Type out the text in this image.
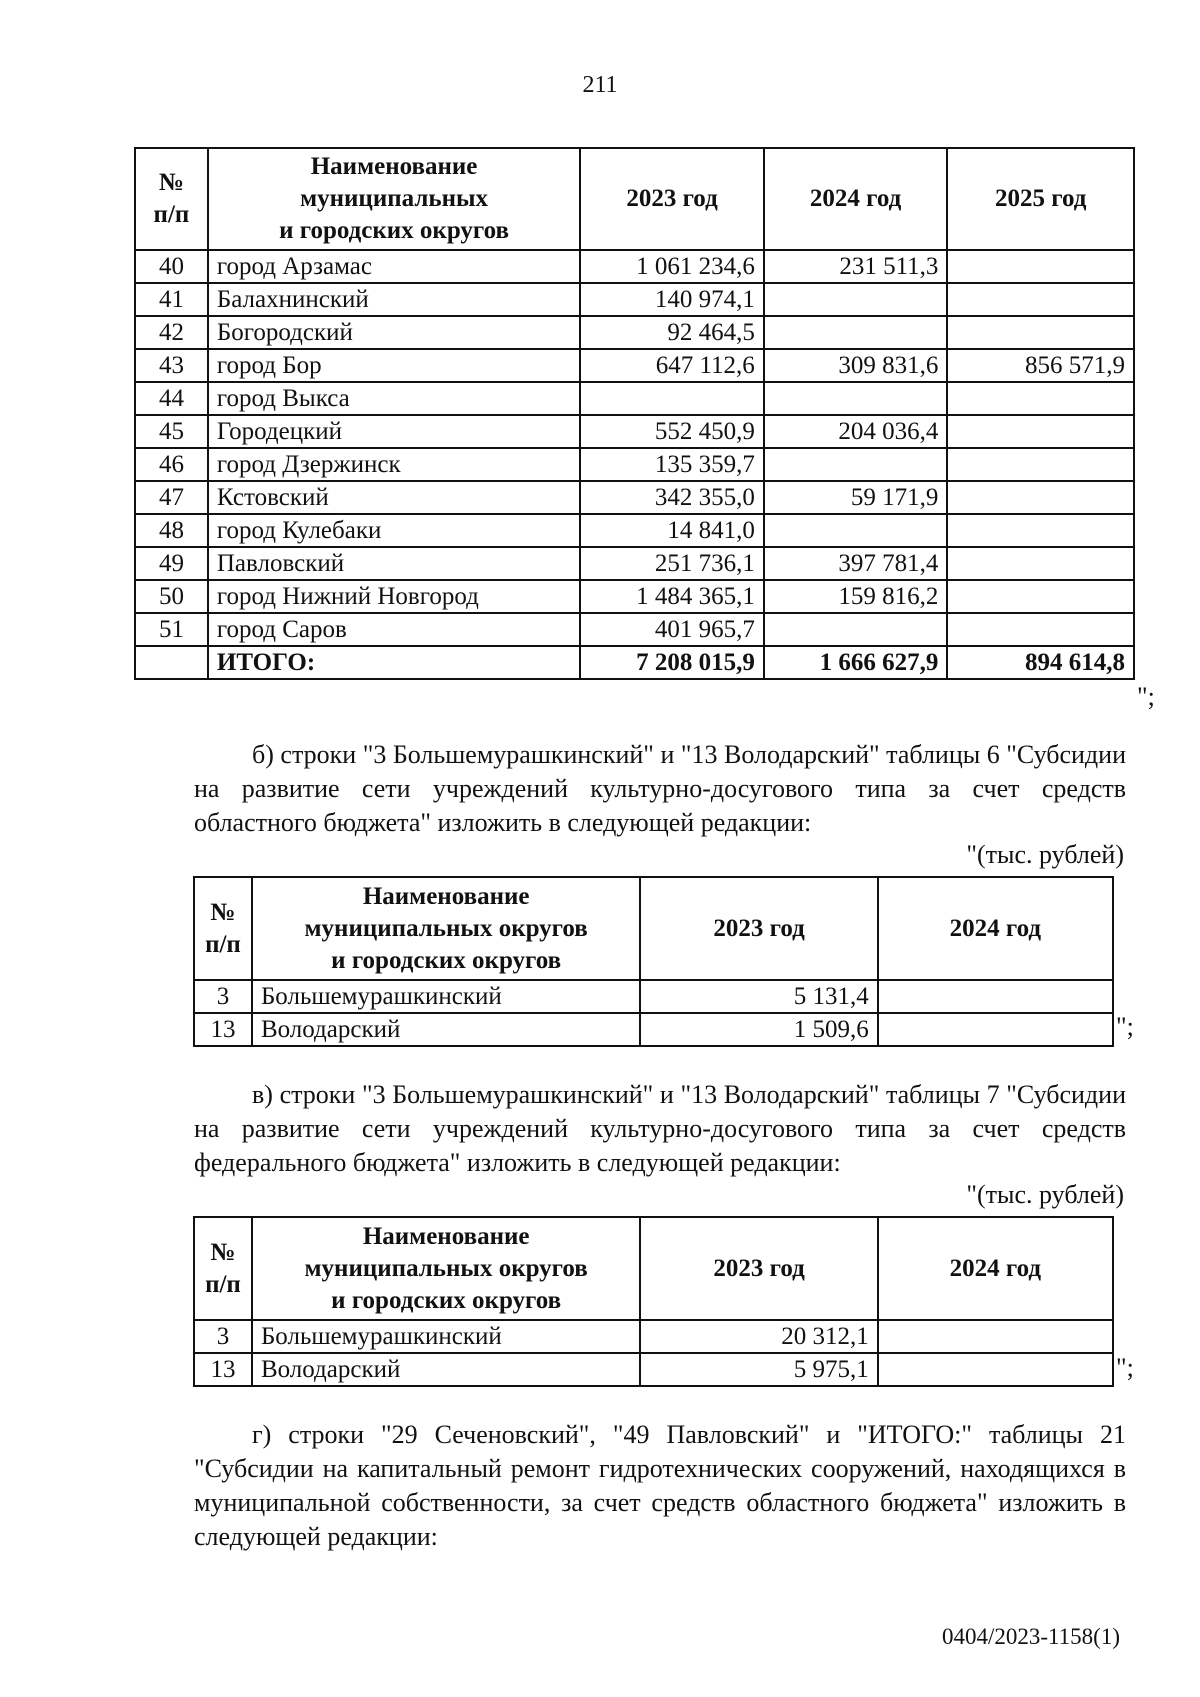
211
№
п/п	Наименование
муниципальных
и городских округов	2023 год	2024 год	2025 год
40	город Арзамас	1 061 234,6	231 511,3	
41	Балахнинский	140 974,1		
42	Богородский	92 464,5		
43	город Бор	647 112,6	309 831,6	856 571,9
44	город Выкса			
45	Городецкий	552 450,9	204 036,4	
46	город Дзержинск	135 359,7		
47	Кстовский	342 355,0	59 171,9	
48	город Кулебаки	14 841,0		
49	Павловский	251 736,1	397 781,4	
50	город Нижний Новгород	1 484 365,1	159 816,2	
51	город Саров	401 965,7		
	ИТОГО:	7 208 015,9	1 666 627,9	894 614,8
";
б) строки "3 Большемурашкинский" и "13 Володарский" таблицы 6 "Субсидии на развитие сети учреждений культурно-досугового типа за счет средств областного бюджета" изложить в следующей редакции:
"(тыс. рублей)
№
п/п	Наименование
муниципальных округов
и городских округов	2023 год	2024 год
3	Большемурашкинский	5 131,4	
13	Володарский	1 509,6		";
в) строки "3 Большемурашкинский" и "13 Володарский" таблицы 7 "Субсидии на развитие сети учреждений культурно-досугового типа за счет средств федерального бюджета" изложить в следующей редакции:
"(тыс. рублей)
№
п/п	Наименование
муниципальных округов
и городских округов	2023 год	2024 год
3	Большемурашкинский	20 312,1	
13	Володарский	5 975,1		";
г) строки "29 Сеченовский", "49 Павловский" и "ИТОГО:" таблицы 21 "Субсидии на капитальный ремонт гидротехнических сооружений, находящихся в муниципальной собственности, за счет средств областного бюджета" изложить в следующей редакции:
0404/2023-1158(1)
